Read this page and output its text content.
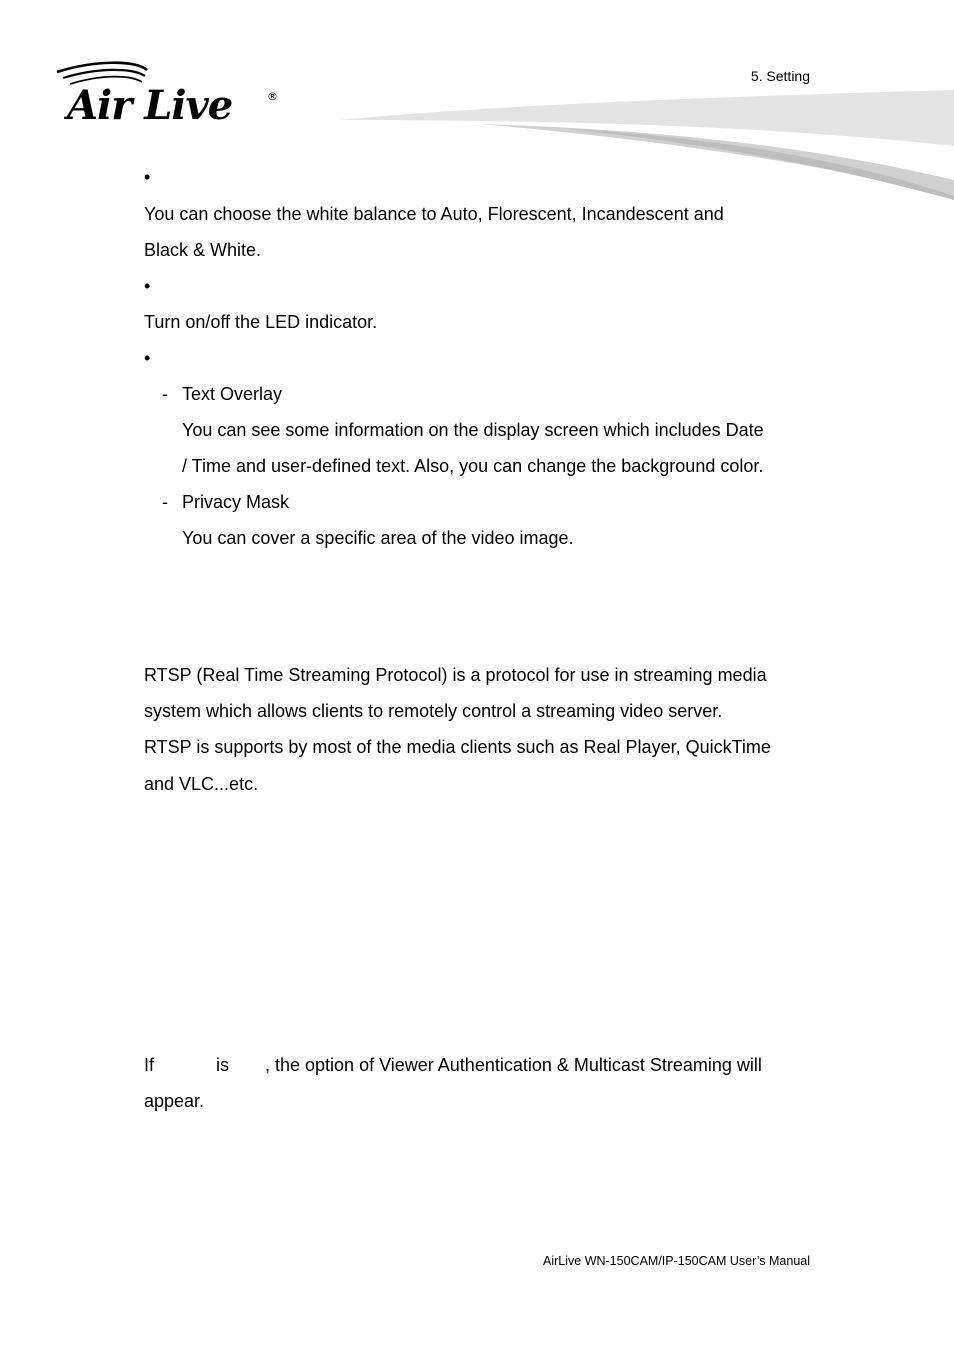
Air Live	®
5. Setting
•
You can choose the white balance to Auto, Florescent, Incandescent and
Black & White.
•
Turn on/off the LED indicator.
•
- Text Overlay
You can see some information on the display screen which includes Date
/ Time and user-defined text. Also, you can change the background color.
- Privacy Mask
You can cover a specific area of the video image.
RTSP (Real Time Streaming Protocol) is a protocol for use in streaming media
system which allows clients to remotely control a streaming video server.
RTSP is supports by most of the media clients such as Real Player, QuickTime
and VLC...etc.
If	is , the option of Viewer Authentication & Multicast Streaming will
appear.
AirLive WN-150CAM/IP-150CAM User’s Manual
